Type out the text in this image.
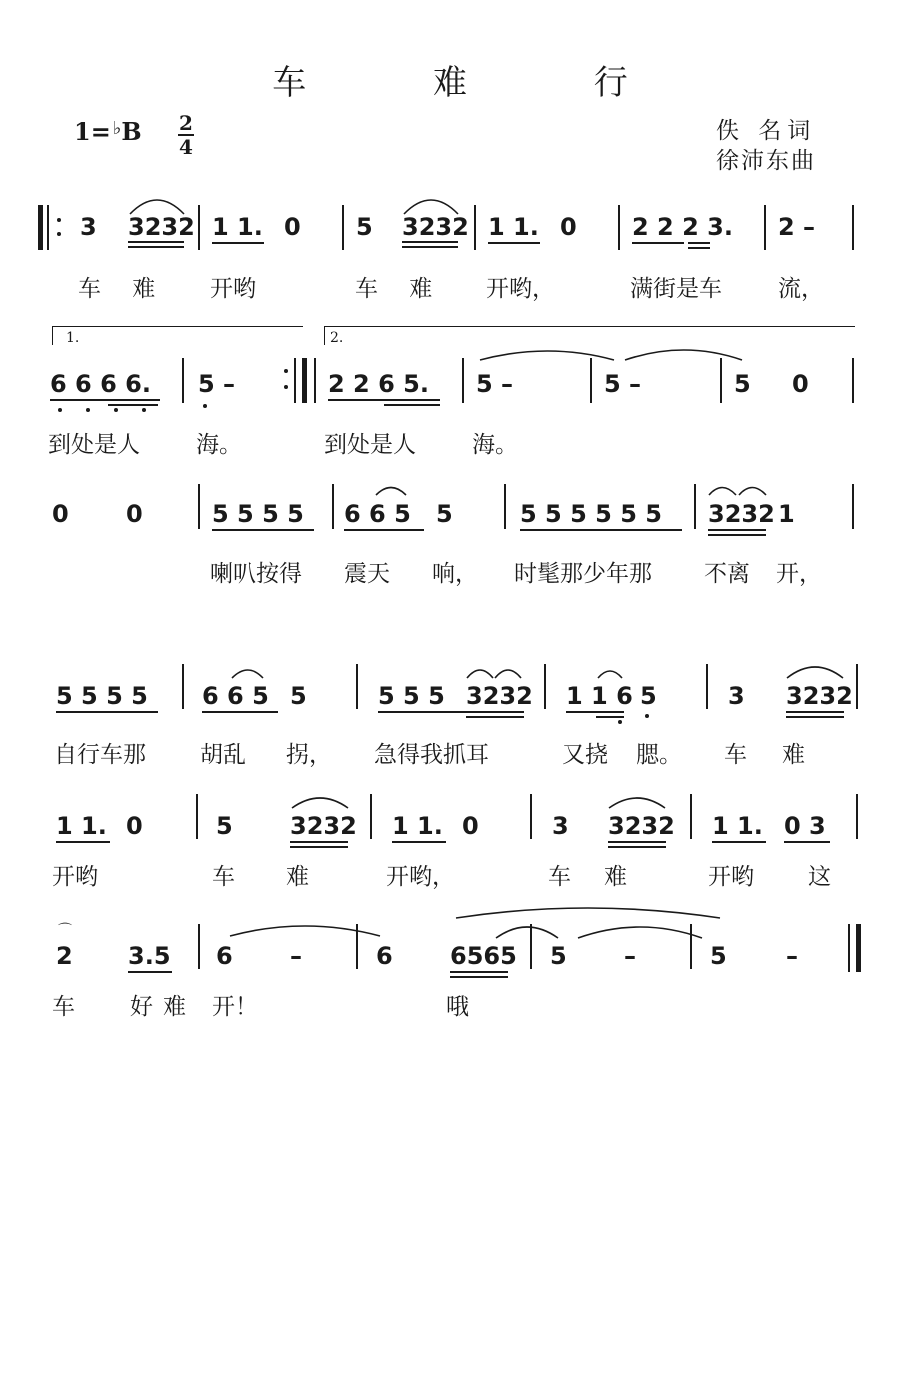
车 难 行
1= ♭B 2
4
佚 名词
徐沛东曲
3 3232 1 1. 0 5 3232 1 1. 0 2 2 2 3. 2 –
车 难 开哟	车 难 开哟，	满街是车 流，
1.	2.
6 6 6 6. 5 –	2 2 6 5. 5 –	5 –	5 0
到处是人 海。	到处是人 海。
0 0	5 5 5 5 6 6 5 5	5 5 5 5 5 5 3232 1
喇叭按得 震天 响， 时髦那少年那 不离 开，
5 5 5 5 6 6 5 5	5 5 5 3232 1 1 6 5	3 3232
自行车那 胡乱 拐， 急得我抓耳	又挠 腮。 车 难
1 1. 0	5 3232 1 1. 0	3 3232 1 1. 0 3
开哟	车 难	开哟，	车 难	开哟 这
⌒
2 3.5 6 –	6 6565 5 –	5 –
车 好难 开！	哦
